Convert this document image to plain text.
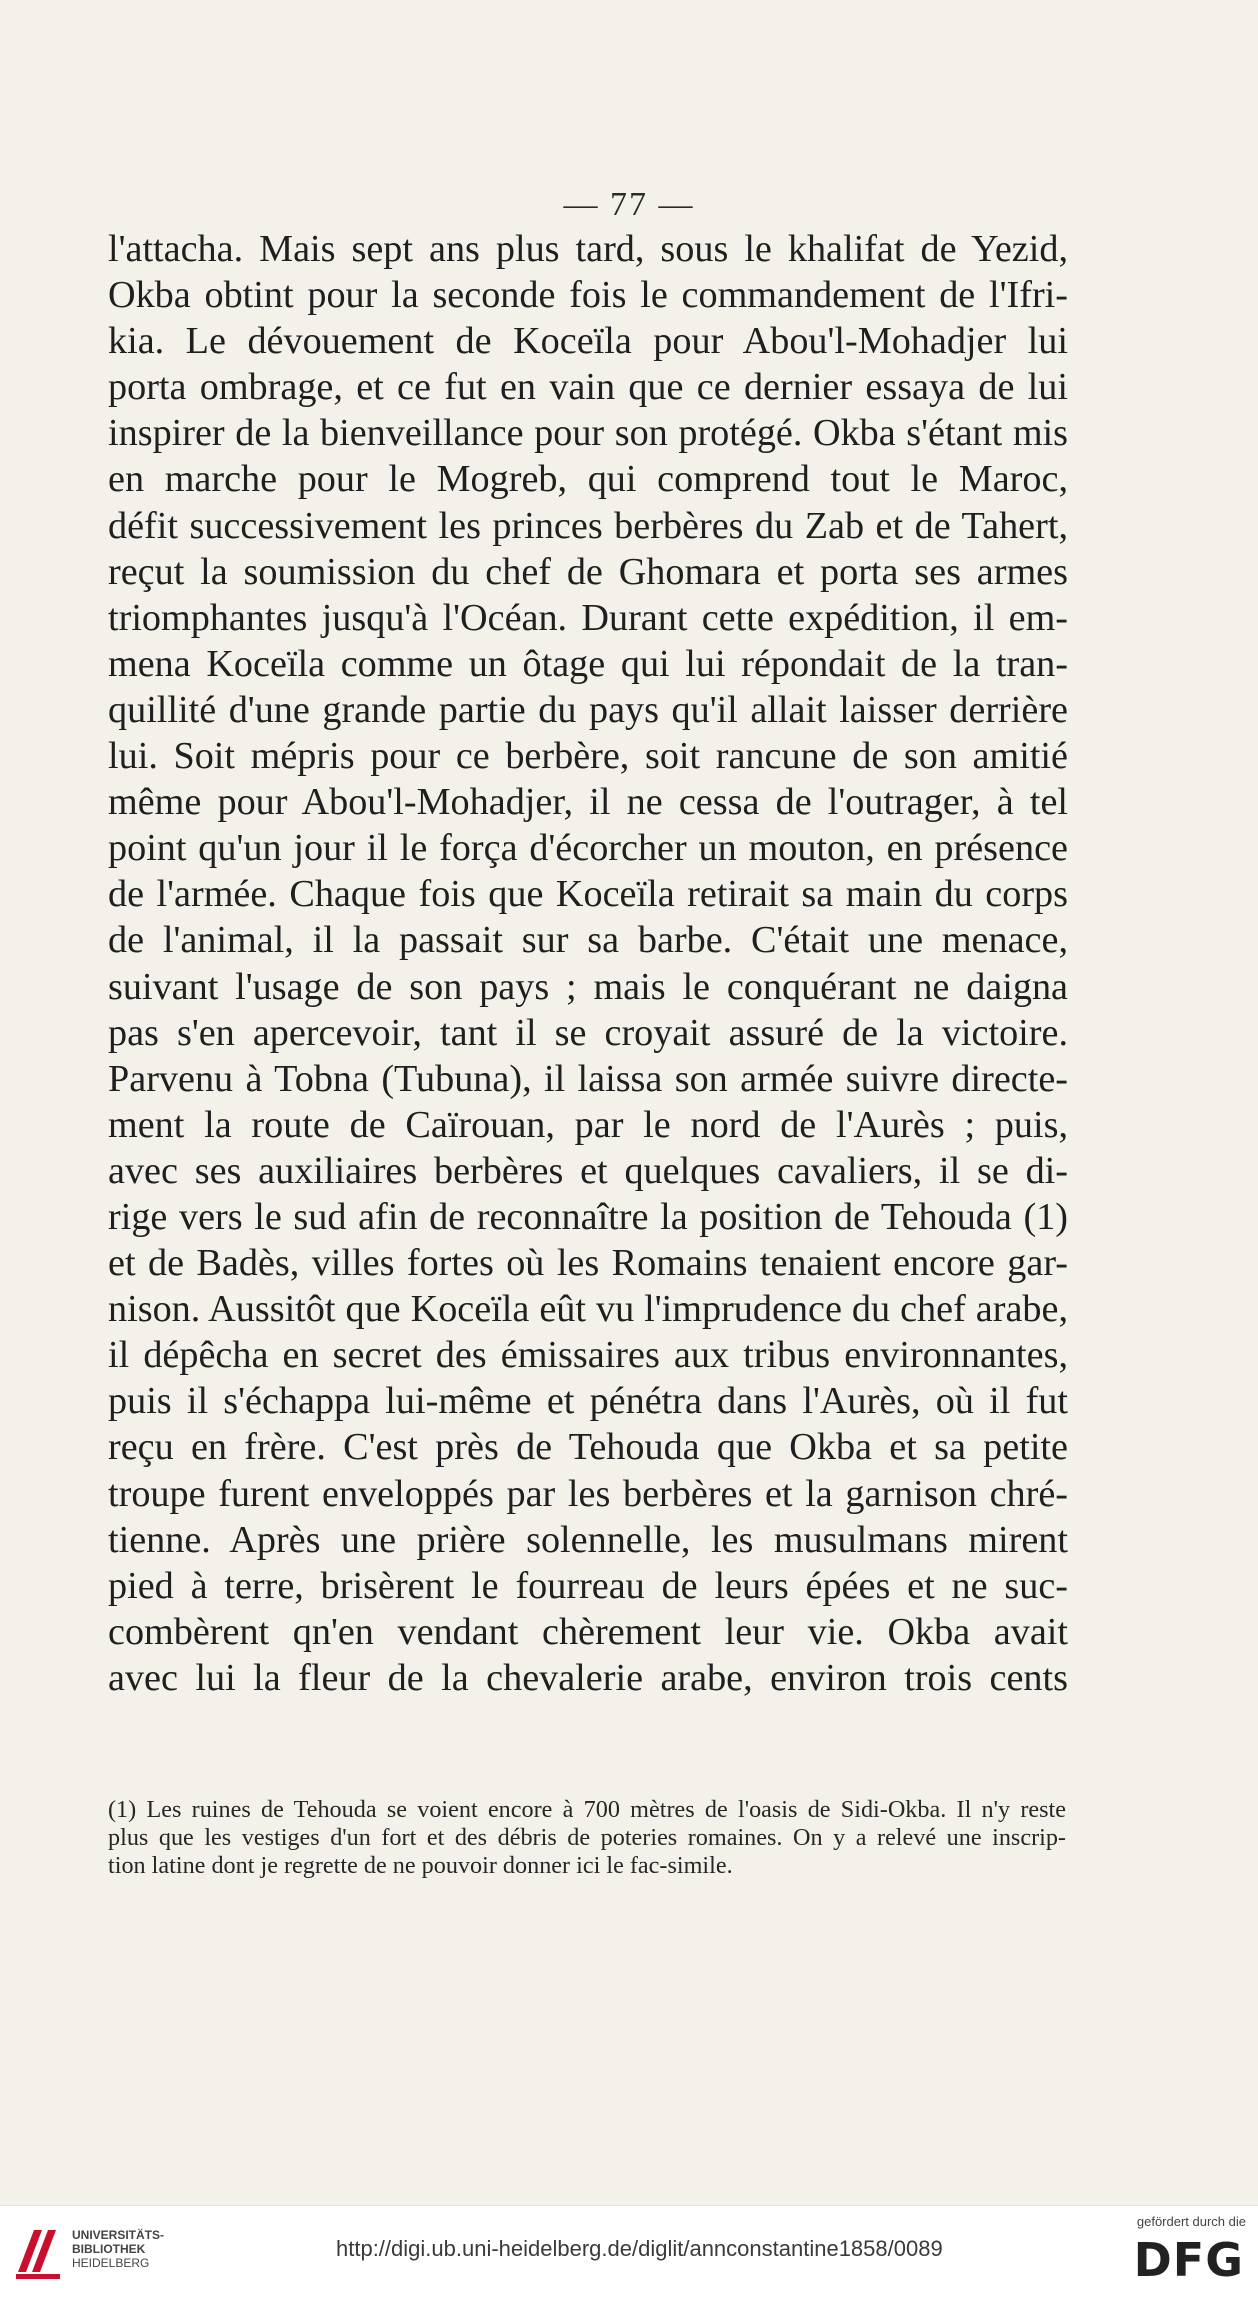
— 77 —
l'attacha. Mais sept ans plus tard, sous le khalifat de Yezid,
Okba obtint pour la seconde fois le commandement de l'Ifri-
kia. Le dévouement de Koceïla pour Abou'l-Mohadjer lui
porta ombrage, et ce fut en vain que ce dernier essaya de lui
inspirer de la bienveillance pour son protégé. Okba s'étant mis
en marche pour le Mogreb, qui comprend tout le Maroc,
défit successivement les princes berbères du Zab et de Tahert,
reçut la soumission du chef de Ghomara et porta ses armes
triomphantes jusqu'à l'Océan. Durant cette expédition, il em-
mena Koceïla comme un ôtage qui lui répondait de la tran-
quillité d'une grande partie du pays qu'il allait laisser derrière
lui. Soit mépris pour ce berbère, soit rancune de son amitié
même pour Abou'l-Mohadjer, il ne cessa de l'outrager, à tel
point qu'un jour il le força d'écorcher un mouton, en présence
de l'armée. Chaque fois que Koceïla retirait sa main du corps
de l'animal, il la passait sur sa barbe. C'était une menace,
suivant l'usage de son pays ; mais le conquérant ne daigna
pas s'en apercevoir, tant il se croyait assuré de la victoire.
Parvenu à Tobna (Tubuna), il laissa son armée suivre directe-
ment la route de Caïrouan, par le nord de l'Aurès ; puis,
avec ses auxiliaires berbères et quelques cavaliers, il se di-
rige vers le sud afin de reconnaître la position de Tehouda (1)
et de Badès, villes fortes où les Romains tenaient encore gar-
nison. Aussitôt que Koceïla eût vu l'imprudence du chef arabe,
il dépêcha en secret des émissaires aux tribus environnantes,
puis il s'échappa lui-même et pénétra dans l'Aurès, où il fut
reçu en frère. C'est près de Tehouda que Okba et sa petite
troupe furent enveloppés par les berbères et la garnison chré-
tienne. Après une prière solennelle, les musulmans mirent
pied à terre, brisèrent le fourreau de leurs épées et ne suc-
combèrent qn'en vendant chèrement leur vie. Okba avait
avec lui la fleur de la chevalerie arabe, environ trois cents
(1) Les ruines de Tehouda se voient encore à 700 mètres de l'oasis de Sidi-Okba. Il n'y reste
plus que les vestiges d'un fort et des débris de poteries romaines. On y a relevé une inscrip-
tion latine dont je regrette de ne pouvoir donner ici le fac-simile.
UNIVERSITÄTS-
BIBLIOTHEK
HEIDELBERG
http://digi.ub.uni-heidelberg.de/diglit/annconstantine1858/0089
gefördert durch die
DFG
